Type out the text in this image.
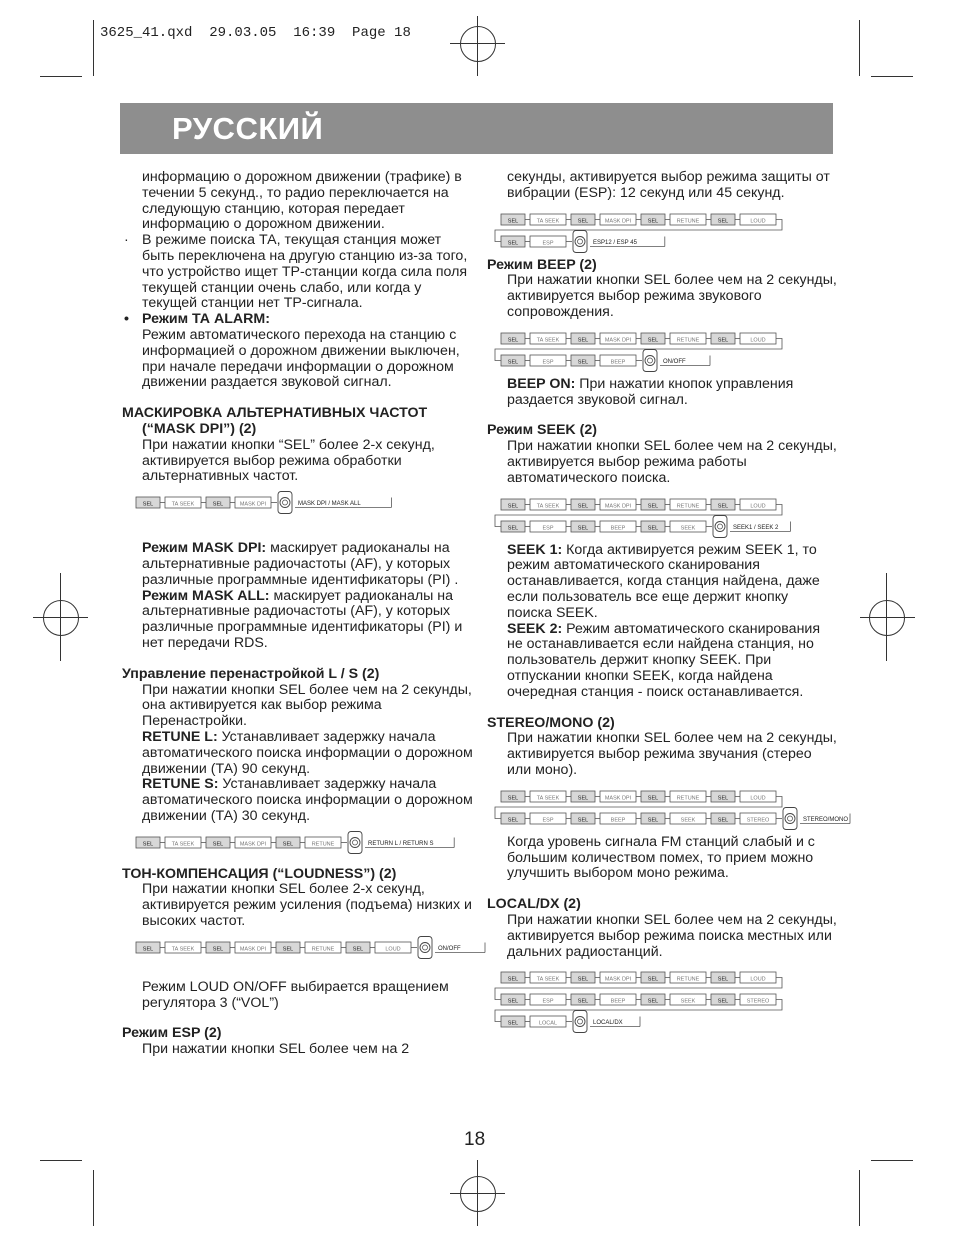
3625_41.qxd  29.03.05  16:39  Page 18
РУССКИЙ

информацию о дорожном движении (трафике) в течении 5 секунд., то радио переключается на следующую станцию, которая передает информацию о дорожном движении.

· В режиме поиска ТА, текущая станция может быть переключена на другую станцию из-за того, что устройство ищет ТР-станции когда сила поля текущей станции очень слабо, или когда у текущей станции нет ТР-сигнала.

• Режим ТА ALARM:

Режим автоматического перехода на станцию с информацией о дорожном движении выключен, при начале передачи информации о дорожном движении раздается звуковой сигнал.

МАСКИРОВКА АЛЬТЕРНАТИВНЫХ ЧАСТОТ

(“MASK DPI”) (2)

При нажатии кнопки “SEL” более 2-х секунд, активируется выбор режима обработки альтернативных частот.

SEL	TA SEEK	SEL	MASK DPI	MASK DPI / MASK ALL

Режим MASK DPI: маскирует радиоканалы на альтернативные радиочастоты (AF), у которых различные программные идентификаторы (PI) .

Режим MASK ALL: маскирует радиоканалы на альтернативные радиочастоты (AF), у которых различные программные идентификаторы (PI) и нет передачи RDS.

Управление перенастройкой L / S (2)

При нажатии кнопки SEL более чем на 2 секунды, она активируется как выбор режима Перенастройки.

RETUNE L: Устанавливает задержку начала автоматического поиска информации о дорожном движении (ТА) 90 секунд.

RETUNE S: Устанавливает задержку начала автоматического поиска информации о дорожном движении (ТА) 30 секунд.

SEL	TA SEEK	SEL	MASK DPI	SEL	RETUNE	RETURN L / RETURN S

ТОН-КОМПЕНСАЦИЯ (“LOUDNESS”) (2)

При нажатии кнопки SEL более 2-х секунд, активируется режим усиления (подъема) низких и высоких частот.

SEL	TA SEEK	SEL	MASK DPI	SEL	RETUNE	SEL	LOUD	ON/OFF

Режим LOUD ON/OFF выбирается вращением регулятора 3 (“VOL”)

Режим ESP (2)

При нажатии кнопки SEL более чем на 2

секунды, активируется выбор режима защиты от вибрации (ESP): 12 секунд или 45 секунд.

SEL	TA SEEK	SEL	MASK DPI	SEL	RETUNE	SEL	LOUD
SEL	ESP	ESP12 / ESP 45

Режим BEEP (2)

При нажатии кнопки SEL более чем на 2 секунды, активируется выбор режима звукового сопровождения.

SEL	TA SEEK	SEL	MASK DPI	SEL	RETUNE	SEL	LOUD
SEL	ESP	SEL	BEEP	ON/OFF

BEEP ON: При нажатии кнопок управления раздается звуковой сигнал.

Режим SEEK (2)

При нажатии кнопки SEL более чем на 2 секунды, активируется выбор режима работы автоматического поиска.

SEL	TA SEEK	SEL	MASK DPI	SEL	RETUNE	SEL	LOUD
SEL	ESP	SEL	BEEP	SEL	SEEK	SEEK1 / SEEK 2

SEEK 1: Когда активируется режим SEEK 1, то режим автоматического сканирования останавливается, когда станция найдена, даже если пользователь все еще держит кнопку поиска SEEK.

SEEK 2: Режим автоматического сканирования не останавливается если найдена станция, но пользователь держит кнопку SEEK. При отпускании кнопки SEEK, когда найдена очередная станция - поиск останавливается.

STEREO/MONO (2)

При нажатии кнопки SEL более чем на 2 секунды, активируется выбор режима звучания (стерео или моно).

SEL	TA SEEK	SEL	MASK DPI	SEL	RETUNE	SEL	LOUD
SEL	ESP	SEL	BEEP	SEL	SEEK	SEL	STEREO	STEREO/MONO

Когда уровень сигнала FM станций слабый и с большим количеством помех, то прием можно улучшить выбором моно режима.

LOCAL/DX (2)

При нажатии кнопки SEL более чем на 2 секунды, активируется выбор режима поиска местных или дальних радиостанций.

SEL	TA SEEK	SEL	MASK DPI	SEL	RETUNE	SEL	LOUD
SEL	ESP	SEL	BEEP	SEL	SEEK	SEL	STEREO
SEL	LOCAL	LOCAL/DX
18
